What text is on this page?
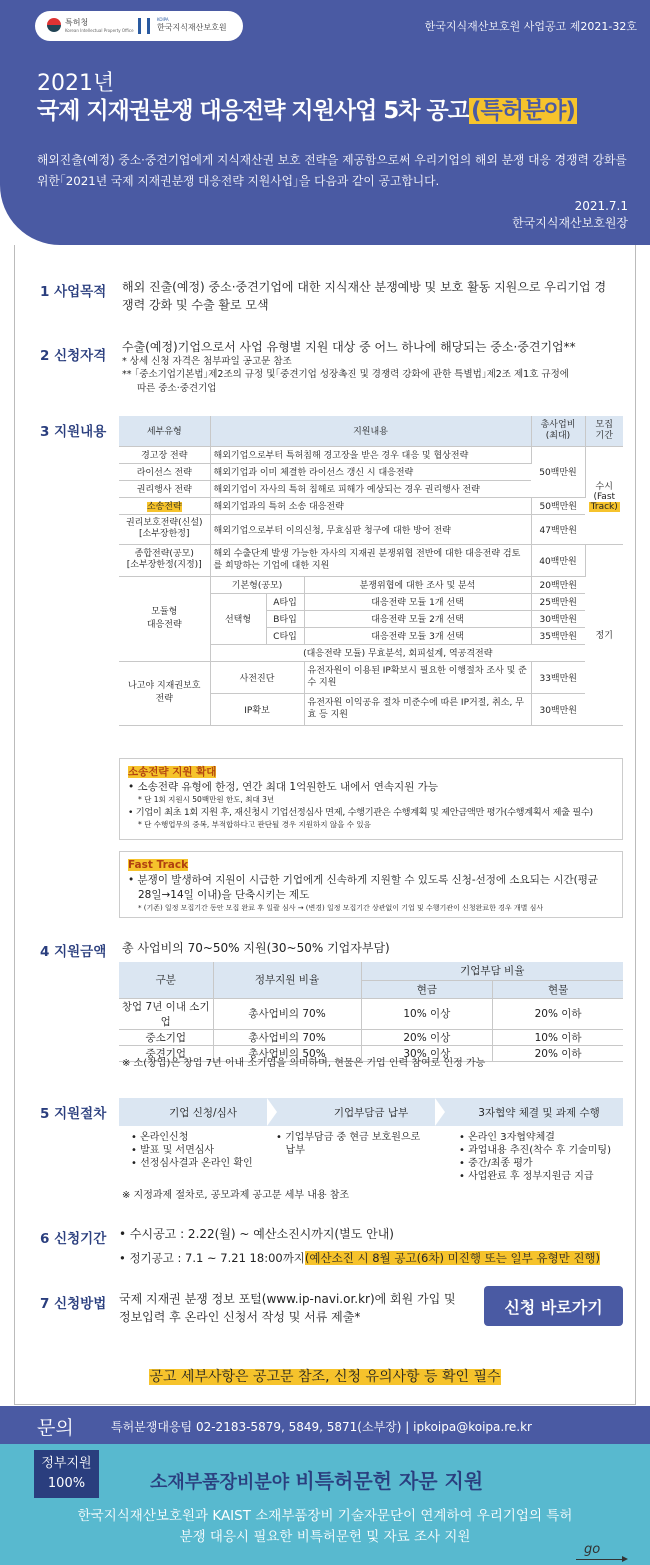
특허청
Korean Intellectual Property Office
KOIPA
한국지식재산보호원	한국지식재산보호원 사업공고 제2021-32호
2021년
국제 지재권분쟁 대응전략 지원사업 5차 공고(특허분야)
해외진출(예정) 중소·중견기업에게 지식재산권 보호 전략을 제공함으로써 우리기업의 해외 분쟁 대응 경쟁력 강화를 위한｢2021년 국제 지재권분쟁 대응전략 지원사업｣을 다음과 같이 공고합니다.
2021.7.1
한국지식재산보호원장
1 사업목적 해외 진출(예정) 중소·중견기업에 대한 지식재산 분쟁예방 및 보호 활동 지원으로 우리기업 경쟁력 강화 및 수출 활로 모색
2 신청자격
수출(예정)기업으로서 사업 유형별 지원 대상 중 어느 하나에 해당되는 중소·중견기업**
* 상세 신청 자격은 첨부파일 공고문 참조
** ｢중소기업기본법｣제2조의 규정 및｢중견기업 성장촉진 및 경쟁력 강화에 관한 특별법｣제2조 제1호 규정에
따른 중소·중견기업
3 지원내용	세부유형	지원내용			총사업비
(최대)	모집
기간
경고장 전략	해외기업으로부터 특허침해 경고장을 받은 경우 대응 및 협상전략			50백만원	수시
(Fast
Track)

라이선스 전략	해외기업과 이미 체결한 라이선스 갱신 시 대응전략				
권리행사 전략	해외기업이 자사의 특허 침해로 피해가 예상되는 경우 권리행사 전략				
소송전략	해외기업과의 특허 소송 대응전략			50백만원	

권리보호전략(신설)
[소부장한정]	해외기업으로부터 이의신청, 무효심판 청구에 대한 방어 전략			47백만원	

종합전략(공모)
[소부장한정(지정)]	해외 수출단계 발생 가능한 자사의 지재권 분쟁위협 전반에 대한 대응전략 검토를 희망하는 기업에 대한 지원			40백만원	정기

모듈형
대응전략	기본형(공모)		분쟁위협에 대한 조사 및 분석	20백만원	
	선택형	A타입	대응전략 모듈 1개 선택	25백만원	
		B타입	대응전략 모듈 2개 선택	30백만원	
		C타입	대응전략 모듈 3개 선택	35백만원	
	(대응전략 모듈) 무효분석, 회피설계, 역공격전략				

나고야 지재권보호
전략	사전진단		유전자원이 이용된 IP확보시 필요한 이행절차 조사 및 준수 지원	33백만원	
	IP확보		유전자원 이익공유 절차 미준수에 따른 IP거절, 취소, 무효 등 지원	30백만원	
소송전략 지원 확대
• 소송전략 유형에 한정, 연간 최대 1억원한도 내에서 연속지원 가능
* 단 1회 지원시 50백만원 한도, 최대 3년
• 기업이 최초 1회 지원 후, 재신청시 기업선정심사 면제, 수행기관은 수행계획 및 제안금액만 평가(수행계획서 제출 필수)
* 단 수행업무의 중복, 부적합하다고 판단될 경우 지원하지 않을 수 있음
Fast Track
• 분쟁이 발생하여 지원이 시급한 기업에게 신속하게 지원할 수 있도록 신청-선정에 소요되는 시간(평균
28일→14일 이내)을 단축시키는 제도
* (기존) 일정 모집기간 동안 모집 완료 후 일괄 심사 → (변경) 일정 모집기간 상관없이 기업 및 수행기관이 신청완료한 경우 개별 심사
4 지원금액 총 사업비의 70~50% 지원(30~50% 기업자부담)
구분	정부지원 비율	기업부담 비율	
		현금	현물
창업 7년 이내 소기업	총사업비의 70%	10% 이상	20% 이하
중소기업	총사업비의 70%	20% 이상	10% 이하
중견기업	총사업비의 50%	30% 이상	20% 이하
※ 소(창업)은 창업 7년 이내 소기업을 의미하며, 현물은 기업 인력 참여로 인정 가능
5 지원절차	기업 신청/심사	기업부담금 납부	3자협약 체결 및 과제 수행
• 온라인신청
• 발표 및 서면심사
• 선정심사결과 온라인 확인
• 기업부담금 중 현금 보호원으로
납부
• 온라인 3자협약체결
• 과업내용 추진(착수 후 기술미팅)
• 중간/최종 평가
• 사업완료 후 정부지원금 지급
※ 지정과제 절차로, 공모과제 공고문 세부 내용 참조
6 신청기간 • 수시공고 : 2.22(월) ~ 예산소진시까지(별도 안내)
• 정기공고 : 7.1 ~ 7.21 18:00까지(예산소진 시 8월 공고(6차) 미진행 또는 일부 유형만 진행)
7 신청방법 국제 지재권 분쟁 정보 포털(www.ip-navi.or.kr)에 회원 가입 및 정보입력 후 온라인 신청서 작성 및 서류 제출*
신청 바로가기
공고 세부사항은 공고문 참조, 신청 유의사항 등 확인 필수
문의	특허분쟁대응팀 02-2183-5879, 5849, 5871(소부장) | ipkoipa@koipa.re.kr
정부지원
100%	소재부품장비분야 비특허문헌 자문 지원
한국지식재산보호원과 KAIST 소재부품장비 기술자문단이 연계하여 우리기업의 특허
분쟁 대응시 필요한 비특허문헌 및 자료 조사 지원
go
